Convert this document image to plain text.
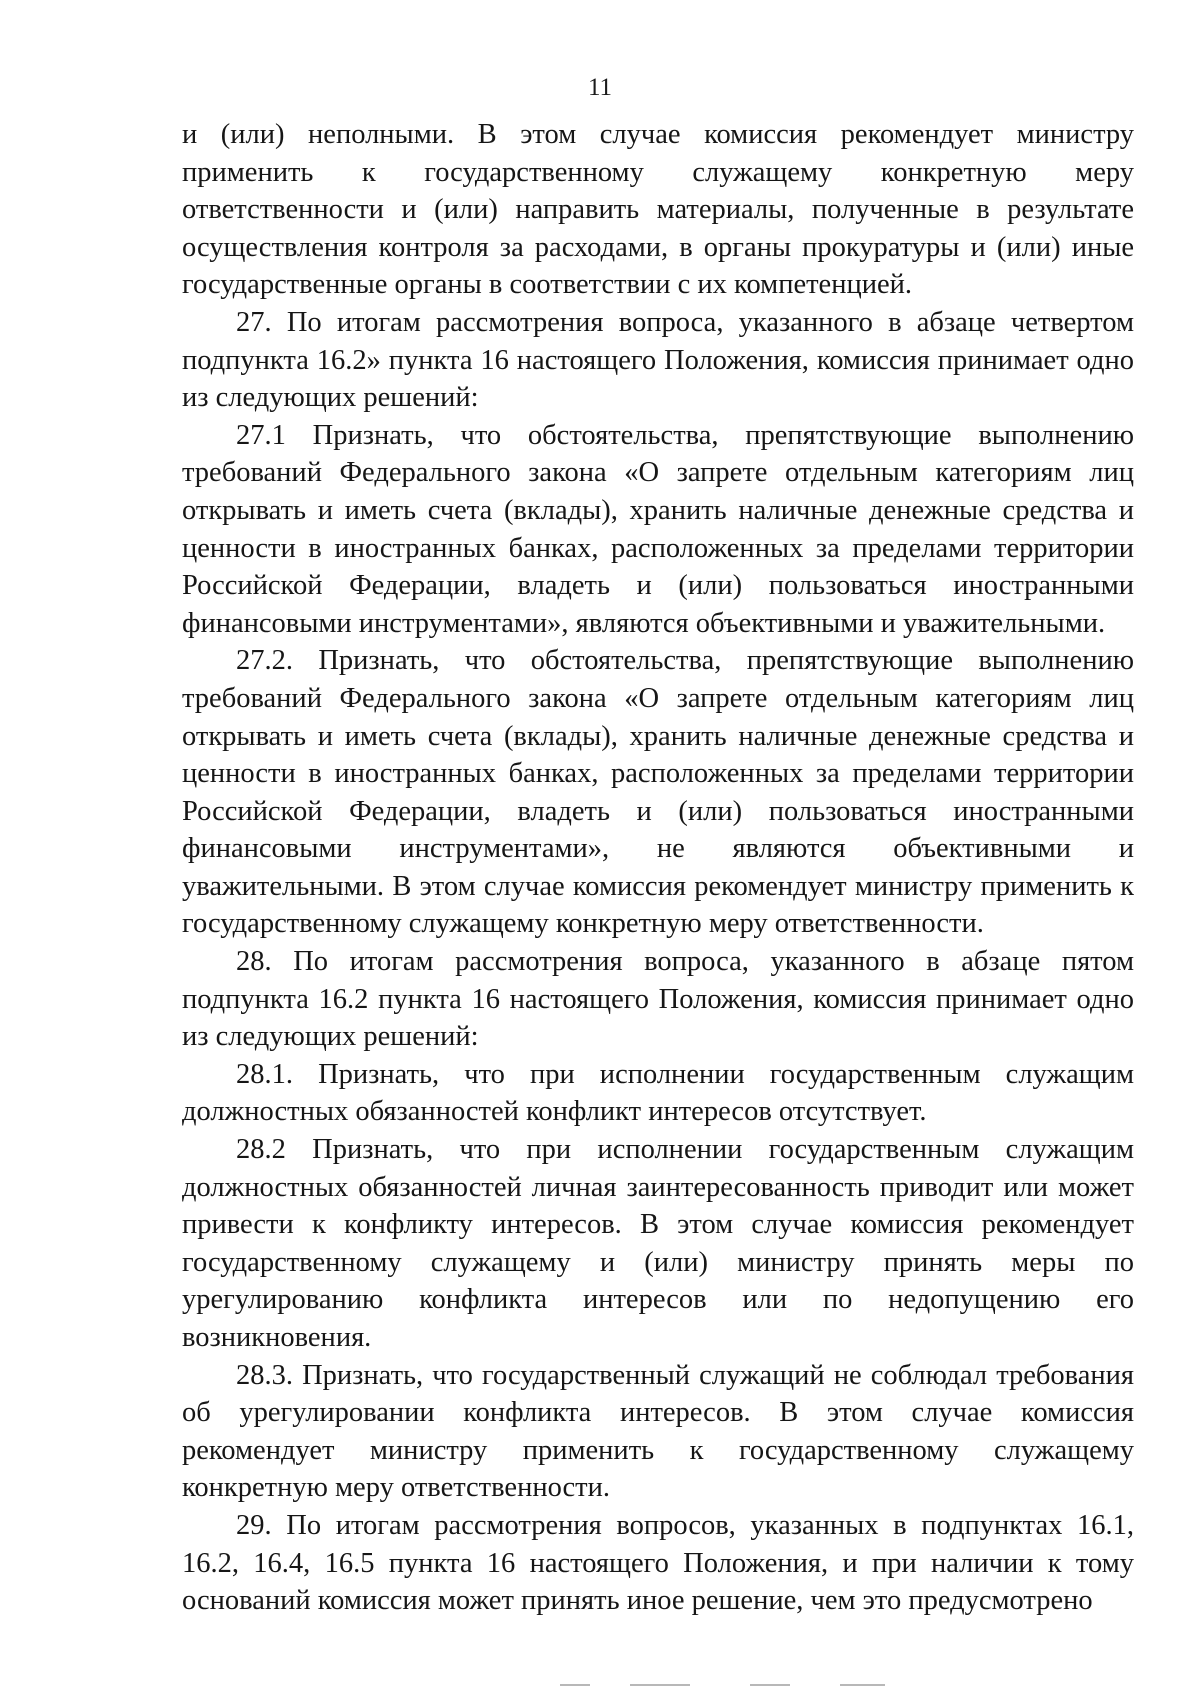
11

и (или) неполными. В этом случае комиссия рекомендует министру применить к государственному служащему конкретную меру ответственности и (или) направить материалы, полученные в результате осуществления контроля за расходами, в органы прокуратуры и (или) иные государственные органы в соответствии с их компетенцией.

27. По итогам рассмотрения вопроса, указанного в абзаце четвертом подпункта 16.2» пункта 16 настоящего Положения, комиссия принимает одно из следующих решений:

27.1 Признать, что обстоятельства, препятствующие выполнению требований Федерального закона «О запрете отдельным категориям лиц открывать и иметь счета (вклады), хранить наличные денежные средства и ценности в иностранных банках, расположенных за пределами территории Российской Федерации, владеть и (или) пользоваться иностранными финансовыми инструментами», являются объективными и уважительными.

27.2. Признать, что обстоятельства, препятствующие выполнению требований Федерального закона «О запрете отдельным категориям лиц открывать и иметь счета (вклады), хранить наличные денежные средства и ценности в иностранных банках, расположенных за пределами территории Российской Федерации, владеть и (или) пользоваться иностранными финансовыми инструментами», не являются объективными и уважительными. В этом случае комиссия рекомендует министру применить к государственному служащему конкретную меру ответственности.

28. По итогам рассмотрения вопроса, указанного в абзаце пятом подпункта 16.2 пункта 16 настоящего Положения, комиссия принимает одно из следующих решений:

28.1. Признать, что при исполнении государственным служащим должностных обязанностей конфликт интересов отсутствует.

28.2 Признать, что при исполнении государственным служащим должностных обязанностей личная заинтересованность приводит или может привести к конфликту интересов. В этом случае комиссия рекомендует государственному служащему и (или) министру принять меры по урегулированию конфликта интересов или по недопущению его возникновения.

28.3. Признать, что государственный служащий не соблюдал требования об урегулировании конфликта интересов. В этом случае комиссия рекомендует министру применить к государственному служащему конкретную меру ответственности.

29. По итогам рассмотрения вопросов, указанных в подпунктах 16.1, 16.2, 16.4, 16.5 пункта 16 настоящего Положения, и при наличии к тому оснований комиссия может принять иное решение, чем это предусмотрено
